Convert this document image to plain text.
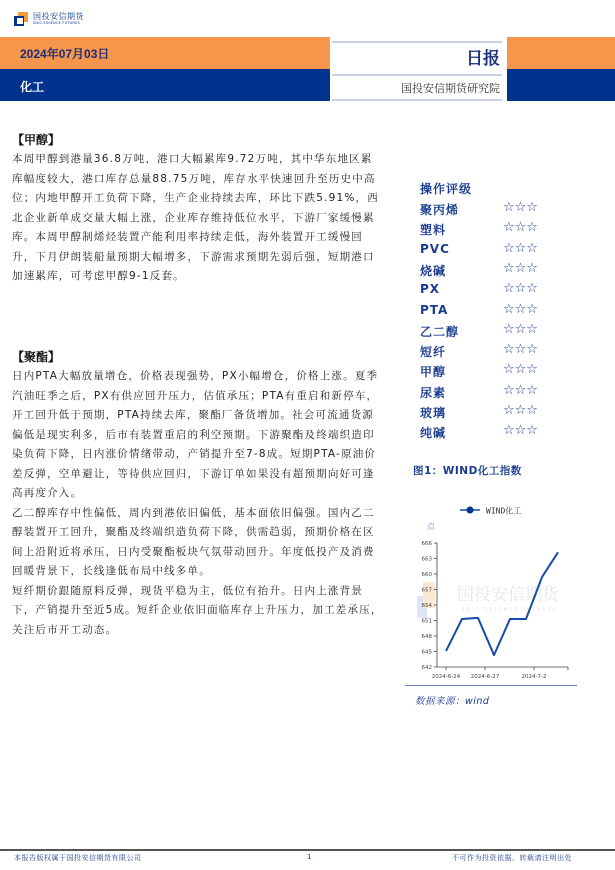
国投安信期货
SDIC ESSENCE FUTURES
2024年07月03日
化工
日报
国投安信期货研究院
【甲醇】

本周甲醇到港量36.8万吨，港口大幅累库9.72万吨，其中华东地区累库幅度较大，港口库存总量88.75万吨，库存水平快速回升至历史中高位；内地甲醇开工负荷下降，生产企业持续去库，环比下跌5.91%，西北企业新单成交量大幅上涨，企业库存维持低位水平，下游厂家缓慢累库。本周甲醇制烯烃装置产能利用率持续走低，海外装置开工缓慢回升，下月伊朗装船量预期大幅增多，下游需求预期先弱后强，短期港口加速累库，可考虑甲醇9-1反套。

【聚酯】

日内PTA大幅放量增仓，价格表现强势，PX小幅增仓，价格上涨。夏季汽油旺季之后，PX有供应回升压力，估值承压；PTA有重启和新停车，开工回升低于预期，PTA持续去库，聚酯厂备货增加。社会可流通货源偏低是现实利多，后市有装置重启的利空预期。下游聚酯及终端织造印染负荷下降，日内涨价情绪带动，产销提升至7-8成。短期PTA-原油价差反弹，空单避让，等待供应回归，下游订单如果没有超预期向好可逢高再度介入。

乙二醇库存中性偏低，周内到港依旧偏低，基本面依旧偏强。国内乙二醇装置开工回升，聚酯及终端织造负荷下降，供需趋弱，预期价格在区间上沿附近将承压，日内受聚酯板块气氛带动回升。年度低投产及消费回暖背景下，长线逢低布局中线多单。

短纤期价跟随原料反弹，现货平稳为主，低位有抬升。日内上涨背景下，产销提升至近5成。短纤企业依旧面临库存上升压力，加工差承压，关注后市开工动态。

操作评级
聚丙烯	☆☆☆
塑料	☆☆☆
PVC	☆☆☆
烧碱	☆☆☆
PX	☆☆☆
PTA	☆☆☆
乙二醇	☆☆☆
短纤	☆☆☆
甲醇	☆☆☆
尿素	☆☆☆
玻璃	☆☆☆
纯碱	☆☆☆
图1：WIND化工指数
国投安信期货
SDIC ESSENCE FUTURES
WIND化工
点
642
645
648
651
654
657
660
663
666
2024-6-24 2024-6-27	2024-7-2
数据来源：wind
本报告版权属于国投安信期货有限公司	1	不可作为投资依据，转载请注明出处
